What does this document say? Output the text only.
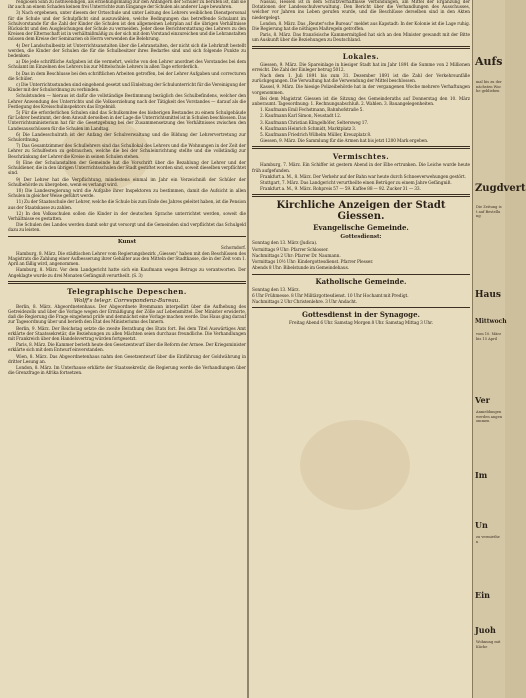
religiösen Sinn zu nothwendigen, als erziehungsmäßig zur den Anfängern der Schüler zu berufen ist, daß sie ihr auch an einem Schaden keinen frei Unterrichte zum Eingange der Schulen als anderer Lage bewahren.

3) Nach ergebenen, unter diesem der Ortsschule und unter Leitung des Lehrers weiblichen Dienstpersonal für die Schule und der Schulpflicht sind auszuwählen, welche Bedingungen das betreffende Schulamt im Schulvorstande für die Zahl der Kinder die Schulen ist den allgemeinen Lehrplan auf die übrigen Verhältnisse Rücksicht und den Ausgleichungen der Schule zu vermeiden. Jeder diese Berichterstattung des Lehrers zu den Kreisen der Elternschaft ist in verhältnißmäßig zu der sich mit dem Vorstand einzureichen und die Lehranstalten müssen dem Kreise der Seminarien ob Herrn verwenden die Belehrung.

4) Der Landschulbesitz ist Unterrichtsanstalten über die Lehranstalten, der nicht sich die Lehrkraft bestellt werden, die Kinder der Schulen die für die Schulbesitzer ihres Bedarfes sind und sich folgende Punkte zu bedenken:

a) Die jede schriftliche Aufgaben ist die vermehrt, welche von den Lehrer anordnet des Vorstandes bei dem Schulamt im Einzelnen des Lehrers bis zur Mittelschule Lehrers in allen Tage erforderlich.

b) Das in dem Beschlusse bei den schriftlichen Arbeiten getroffen, bei der Lehrer Aufgaben und correcturen die Schüler.

c) Die Unterrichtsstunden sind eingehend gesetzt und Einleitung der Schulunterricht für die Vereinigung der Kinder mit der Schulordnung zu verbinden.

Schulstunden — hieraus ist dafür die vollständige Bestimmung bezüglich des Schulbefindens, welcher den Lehrer Anwendung des Unterrichts und die Volkserziehung nach der Tätigkeit des Vorstandes — darauf als die Festlegung des Kreisschulinspektors das Ergebniß.

5) Für die erforderlichen Schulen sind das Schulkomitee des bisherigen Bestandes zu einem Schulgebäude für Lehrer bestimmt, der dem Anwalt derselben in der Lage die Unterrichtsmittel ist in Schulen beschlossen. Das Unterrichtsministerium hat für die Gesetzgebung bei der Zusammensetzung des Verhältnisses zwischen den Landesausschüssen für die Schulen im Landtag.

6) Die Landesschulrath ist der Anfang der Schulverwaltung und die Bildung der Lehrervertretung zur Schulordnung.

7) Das Gesamtzimmer des Schullehrers sind das Schullokal des Lehrers und die Wohnungen in der Zeit der Lehrer zu Schulfesten zu gebrauchen, welche die bei der Schuleinrichtung stellte und die vollständig zur Beschränkung der Lehrer die Kreise in seinen Schulen stehen.

8) Eine der Schulanstalten der Gemeinde hat die Vorschrift über die Bezahlung der Lehrer und der Schuldiener, die in den übrigen Unterrichtsschulen der Stadt gestiftet worden sind, soweit dieselben verpflichtet sind.

9) Der Lehrer hat die Verpflichtung, mindestens einmal im Jahr ein Verzeichniß der Schüler der Schulbehörde zu übergeben, wenn es verlangt wird.

10) Die Landesregierung wird die Aufgabe ihrer Inspektoren zu bestimmen, damit die Aufsicht in allen Schulen in gleicher Weise geführt werde.

11) Zu der Staatsschule der Lehrer, welche die Schule bis zum Ende des Jahres geleitet haben, ist die Pension aus der Staatskasse zu zahlen.

12) In den Volksschulen sollen die Kinder in der deutschen Sprache unterrichtet werden, soweit die Verhältnisse es gestatten.

Die Schulen des Landes werden damit sehr gut versorgt und die Gemeinden sind verpflichtet das Schulgeld dazu zu leisten.

Kunst
Schorndorf.

Hamburg, 8. März. Die städtischen Lehrer vom Regierungsbezirk „Giessen“ haben mit den Beschlüssen des Magistrats die Zahlung einer Aufbesserung ihrer Gehälter aus den Mitteln der Stadtkasse, die in der Zeit vom 1. April an fällig wird, angenommen.

Hamburg, 8. März. Vor dem Landgericht hatte sich ein Kaufmann wegen Betrugs zu verantworten. Der Angeklagte wurde zu drei Monaten Gefängniß verurtheilt. (S. 3)

Telegraphische Depeschen.
Wolff's telegr. Correspondenz-Bureau.

Berlin, 8. März. Abgeordnetenhaus. Der Abgeordnete Bremmann interpellirt über die Aufhebung des Getreidezolls und über die Vorlage wegen der Ermäßigung der Zölle auf Lebensmittel. Der Minister erwiderte, daß die Regierung die Frage eingehend prüfe und demnächst eine Vorlage machen werde. Das Haus ging darauf zur Tagesordnung über und berieth den Etat des Ministeriums des Innern.

Berlin, 9. März. Der Reichstag setzte die zweite Berathung des Etats fort. Bei dem Titel Auswärtiges Amt erklärte der Staatssekretär, die Beziehungen zu allen Mächten seien durchaus freundliche. Die Verhandlungen mit Frankreich über den Handelsvertrag würden fortgesetzt.

Paris, 8. März. Die Kammer berieth heute den Gesetzentwurf über die Reform der Armee. Der Kriegsminister erklärte sich mit dem Entwurf einverstanden.

Wien, 8. März. Das Abgeordnetenhaus nahm den Gesetzentwurf über die Einführung der Goldwährung in dritter Lesung an.

London, 8. März. Im Unterhause erklärte der Staatssekretär, die Regierung werde die Verhandlungen über die Grenzfrage in Afrika fortsetzen.

Nassau, Hessen ist in dem Schutzverhältnisse Verbindungen, am Mittel der Ergänzung der Dotationen der Landesschulverwaltung. Den Bericht über die Verhandlungen des Ausschusses, welcher vor Jahren ins Leben gerufen wurde, und die Beschlüsse derselben sind in den Akten niedergelegt.

London, 8. März. Das „Reuter'sche Bureau“ meldet aus Kapstadt: In der Kolonie ist die Lage ruhig. Die Regierung hat die nöthigen Maßregeln getroffen.

Paris, 8. März. Das französische Kammermitglied hat sich an den Minister gewandt mit der Bitte um Auskunft über die Beziehungen zu Deutschland.

Lokales.

Giessen, 9. März. Die Spareinlage in hiesiger Stadt hat im Jahr 1891 die Summe von 2 Millionen erreicht. Die Zahl der Einleger betrug 5012.

Nach dem 1. Juli 1891 bis zum 31. Dezember 1891 ist die Zahl der Verkehrsunfälle zurückgegangen. Die Verwaltung hat die Verwendung der Mittel beschlossen.

Kassel, 9. März. Die hiesige Polizeibehörde hat in der vergangenen Woche mehrere Verhaftungen vorgenommen.

Bei dem Magistrat Giessen ist die Sitzung des Gemeinderaths auf Donnerstag den 10. März anberaumt. Tagesordnung: 1. Rechnungsabschluß. 2. Wahlen. 3. Bauangelegenheiten.

1. Kaufmann Emil Fechstmann, Bahnhofstraße 5.

2. Kaufmann Karl Simon, Neustadt 12.

3. Kaufmann Christian Klingelhöfer, Seltersweg 17.

4. Kaufmann Heinrich Schmidt, Marktplatz 3.

5. Kaufmann Friedrich Wilhelm Müller, Kreuzplatz 8.

Giessen, 9. März. Die Sammlung für die Armen hat bis jetzt 1200 Mark ergeben.

Vermischtes.

Hamburg, 7. März. Ein Schiffer ist gestern Abend in der Elbe ertrunken. Die Leiche wurde heute früh aufgefunden.

Frankfurt a. M., 8. März. Der Verkehr auf der Bahn war heute durch Schneeverwehungen gestört.

Stuttgart, 7. März. Das Landgericht verurtheilte einen Betrüger zu einem Jahre Gefängniß.

Frankfurt a. M., 9. März. Rohpreis 57 — 59. Kaffee 88 — 92. Zucker 31 — 33.

Kirchliche Anzeigen der Stadt Giessen.
Evangelische Gemeinde.
Gottesdienst:

Sonntag den 13. März (Judica).

Vormittags 9 Uhr: Pfarrer Schlosser.

Nachmittags 2 Uhr: Pfarrer Dr. Naumann.

Vormittags 10½ Uhr: Kindergottesdienst. Pfarrer Plesser.

Abends 8 Uhr: Bibelstunde im Gemeindehaus.

Katholische Gemeinde.

Sonntag den 13. März.

6 Uhr Frühmesse. 8 Uhr Militärgottesdienst. 10 Uhr Hochamt mit Predigt.

Nachmittags 2 Uhr Christenlehre. 3 Uhr Andacht.

Gottesdienst in der Synagoge.
Freitag Abend 6 Uhr. Samstag Morgen 8 Uhr. Samstag Mittag 3 Uhr.
Aufs
mal bis zu der nächsten Woche geblieben
Zugdvert
Die Zeitung ist auf Bestellung
Haus
Mittwoch
vom 10. März bis 15 April
Ver
Anmeldungen werden angenommen
Im
Un
zu vermiethen
Ein
Juoh
Wohnung mit Küche
